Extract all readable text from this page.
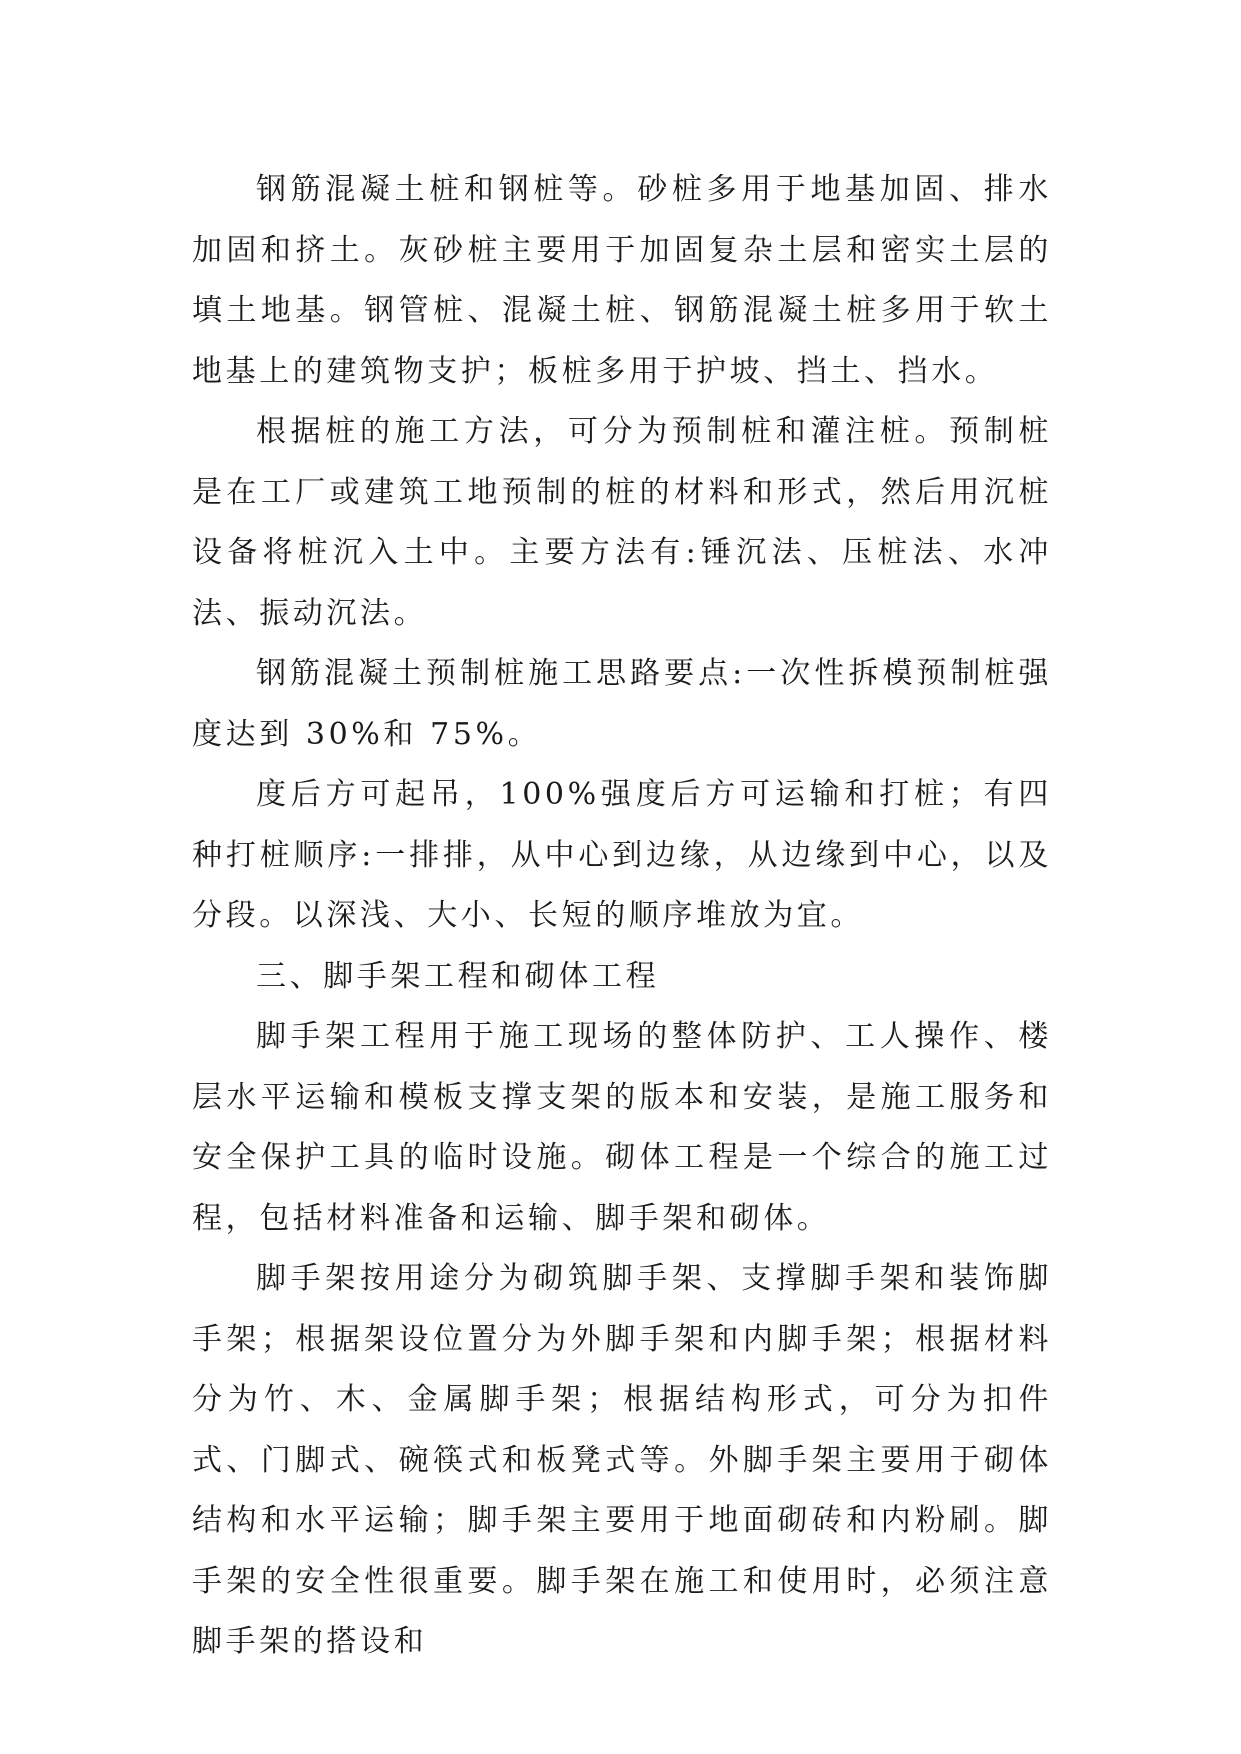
钢筋混凝土桩和钢桩等。砂桩多用于地基加固、排水加固和挤土。灰砂桩主要用于加固复杂土层和密实土层的填土地基。钢管桩、混凝土桩、钢筋混凝土桩多用于软土地基上的建筑物支护；板桩多用于护坡、挡土、挡水。

根据桩的施工方法，可分为预制桩和灌注桩。预制桩是在工厂或建筑工地预制的桩的材料和形式，然后用沉桩设备将桩沉入土中。主要方法有:锤沉法、压桩法、水冲法、振动沉法。

钢筋混凝土预制桩施工思路要点:一次性拆模预制桩强度达到 30%和 75%。

度后方可起吊，100%强度后方可运输和打桩；有四种打桩顺序:一排排，从中心到边缘，从边缘到中心，以及分段。以深浅、大小、长短的顺序堆放为宜。

三、脚手架工程和砌体工程

脚手架工程用于施工现场的整体防护、工人操作、楼层水平运输和模板支撑支架的版本和安装，是施工服务和安全保护工具的临时设施。砌体工程是一个综合的施工过程，包括材料准备和运输、脚手架和砌体。

脚手架按用途分为砌筑脚手架、支撑脚手架和装饰脚手架；根据架设位置分为外脚手架和内脚手架；根据材料分为竹、木、金属脚手架；根据结构形式，可分为扣件式、门脚式、碗筷式和板凳式等。外脚手架主要用于砌体结构和水平运输；脚手架主要用于地面砌砖和内粉刷。脚手架的安全性很重要。脚手架在施工和使用时，必须注意脚手架的搭设和
